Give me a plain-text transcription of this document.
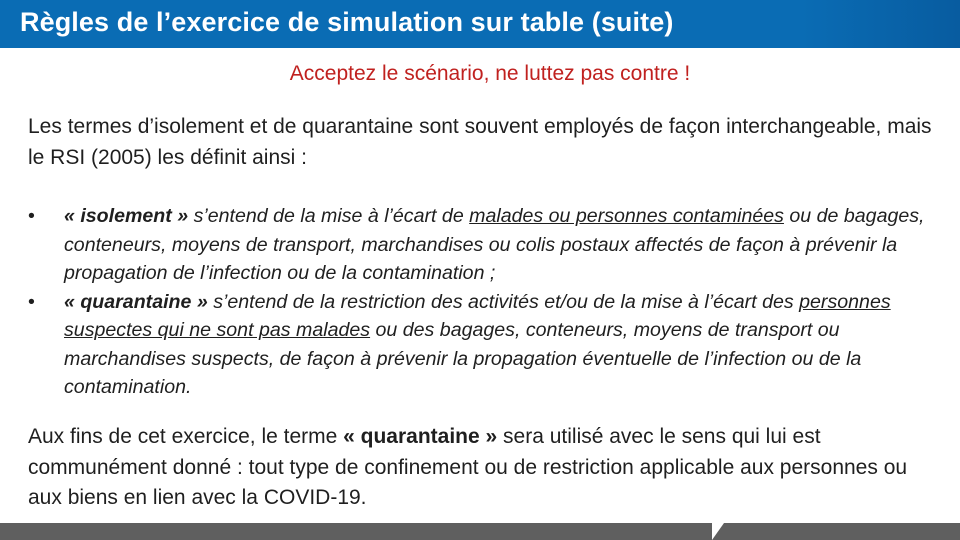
Règles de l’exercice de simulation sur table (suite)
Acceptez le scénario, ne luttez pas contre !

Les termes d’isolement et de quarantaine sont souvent employés de façon interchangeable, mais le RSI (2005) les définit ainsi :

• « isolement » s’entend de la mise à l’écart de malades ou personnes contaminées ou de bagages, conteneurs, moyens de transport, marchandises ou colis postaux affectés de façon à prévenir la propagation de l’infection ou de la contamination ;
• « quarantaine » s’entend de la restriction des activités et/ou de la mise à l’écart des personnes suspectes qui ne sont pas malades ou des bagages, conteneurs, moyens de transport ou marchandises suspects, de façon à prévenir la propagation éventuelle de l’infection ou de la contamination.

Aux fins de cet exercice, le terme « quarantaine » sera utilisé avec le sens qui lui est communément donné : tout type de confinement ou de restriction applicable aux personnes ou aux biens en lien avec la COVID-19.
